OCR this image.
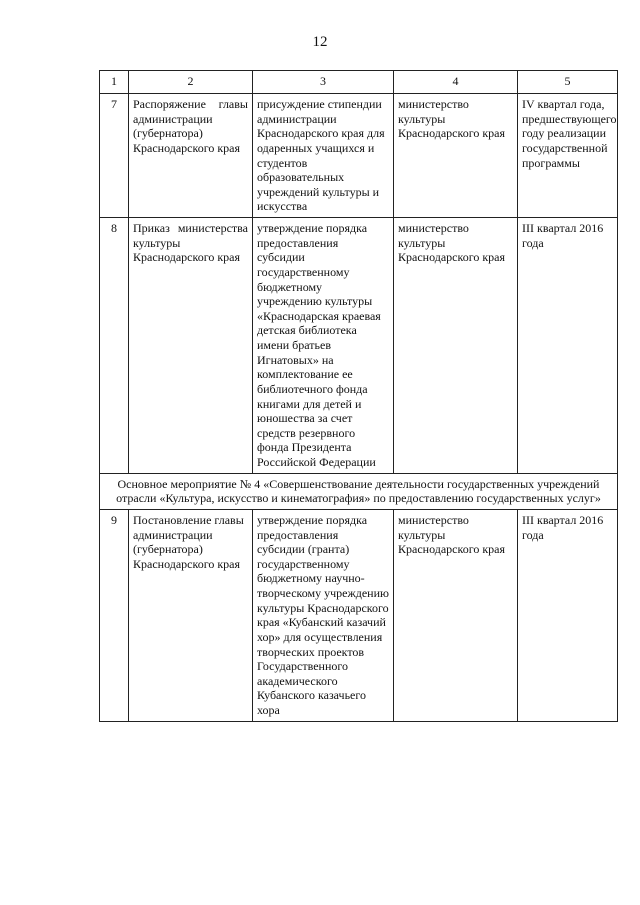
12
1	2	3	4	5
7	Распоряжение главы администрации (губернатора) Краснодарского края	присуждение стипендии администрации Краснодарского края для одаренных учащихся и студентов образовательных учреждений культуры и искусства	министерство культуры Краснодарского края	IV квартал года, предшествующего году реализации государственной программы
8	Приказ министерства культуры Краснодарского края	утверждение порядка предоставления субсидии государственному бюджетному учреждению культуры «Краснодарская краевая детская библиотека имени братьев Игнатовых» на комплектование ее библиотечного фонда книгами для детей и юношества за счет средств резервного фонда Президента Российской Федерации	министерство культуры Краснодарского края	III квартал 2016 года
Основное мероприятие № 4 «Совершенствование деятельности государственных учреждений отрасли «Культура, искусство и кинематография» по предоставлению государственных услуг»				
9	Постановление главы администрации (губернатора) Краснодарского края	утверждение порядка предоставления субсидии (гранта) государственному бюджетному научно-творческому учреждению культуры Краснодарского края «Кубанский казачий хор» для осуществления творческих проектов Государственного академического Кубанского казачьего хора	министерство культуры Краснодарского края	III квартал 2016 года
